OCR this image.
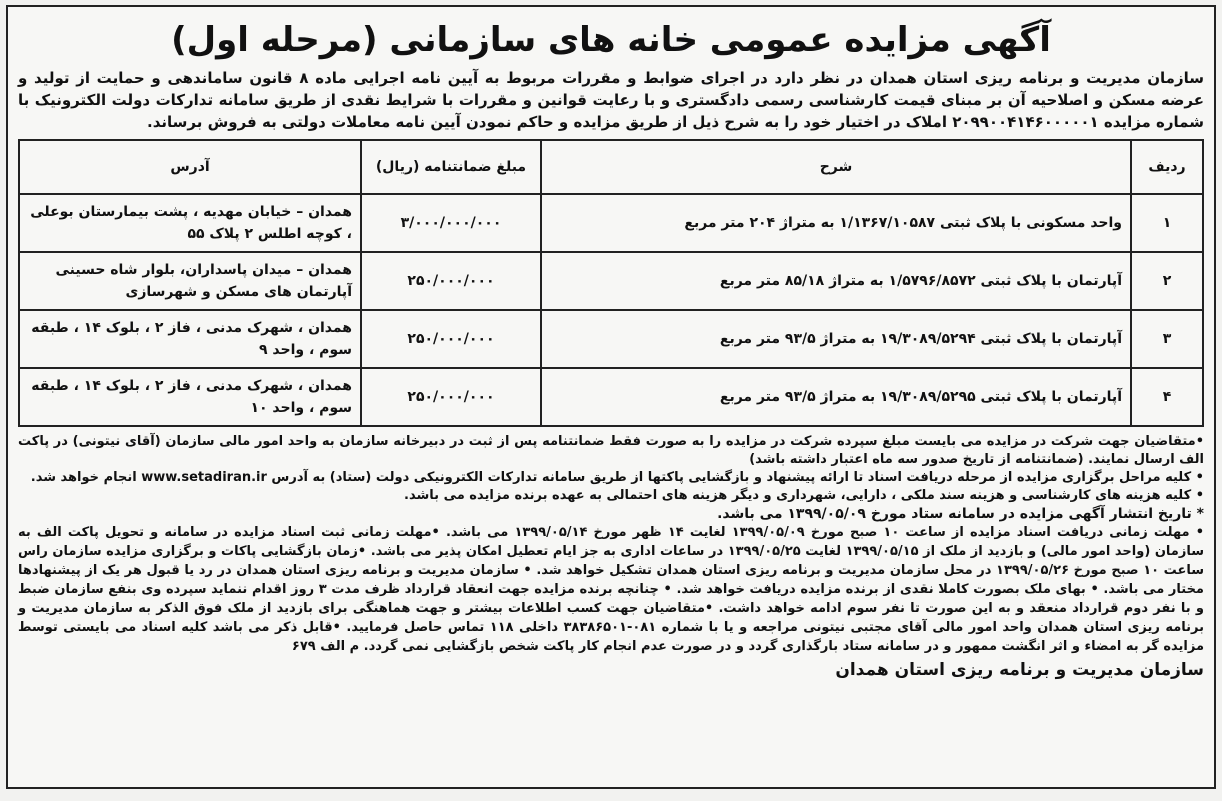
آگهی مزایده عمومی خانه های سازمانی (مرحله اول)

سازمان مدیریت و برنامه ریزی استان همدان در نظر دارد در اجرای ضوابط و مقررات مربوط به آیین نامه اجرایی ماده ۸ قانون ساماندهی و حمایت از تولید و عرضه مسکن و اصلاحیه آن بر مبنای قیمت کارشناسی رسمی دادگستری و با رعایت قوانین و مقررات با شرایط نقدی از طریق سامانه تدارکات دولت الکترونیک با شماره مزایده ۲۰۹۹۰۰۴۱۴۶۰۰۰۰۰۱ املاک در اختیار خود را به شرح ذیل از طریق مزایده و حاکم نمودن آیین نامه معاملات دولتی به فروش برساند.

ردیف	شرح	مبلغ ضمانتنامه (ریال)	آدرس
۱	واحد مسکونی با پلاک ثبتی ۱/۱۳۶۷/۱۰۵۸۷ به متراژ ۲۰۴ متر مربع	۳/۰۰۰/۰۰۰/۰۰۰	همدان – خیابان مهدیه ، پشت بیمارستان بوعلی ، کوچه اطلس ۲ پلاک ۵۵
۲	آپارتمان با پلاک ثبتی ۱/۵۷۹۶/۸۵۷۲ به متراژ ۸۵/۱۸ متر مربع	۲۵۰/۰۰۰/۰۰۰	همدان – میدان پاسداران، بلوار شاه حسینی آپارتمان های مسکن و شهرسازی
۳	آپارتمان با پلاک ثبتی ۱۹/۳۰۸۹/۵۲۹۴ به متراژ ۹۳/۵ متر مربع	۲۵۰/۰۰۰/۰۰۰	همدان ، شهرک مدنی ، فاز ۲ ، بلوک ۱۴ ، طبقه سوم ، واحد ۹
۴	آپارتمان با پلاک ثبتی ۱۹/۳۰۸۹/۵۲۹۵ به متراژ ۹۳/۵ متر مربع	۲۵۰/۰۰۰/۰۰۰	همدان ، شهرک مدنی ، فاز ۲ ، بلوک ۱۴ ، طبقه سوم ، واحد ۱۰

•متقاضیان جهت شرکت در مزایده می بایست مبلغ سپرده شرکت در مزایده را به صورت فقط ضمانتنامه پس از ثبت در دبیرخانه سازمان به واحد امور مالی سازمان (آقای نیتونی) در پاکت الف ارسال نمایند. (ضمانتنامه از تاریخ صدور سه ماه اعتبار داشته باشد)

• کلیه مراحل برگزاری مزایده از مرحله دریافت اسناد تا ارائه پیشنهاد و بازگشایی پاکتها از طریق سامانه تدارکات الکترونیکی دولت (ستاد) به آدرس www.setadiran.ir انجام خواهد شد.

• کلیه هزینه های کارشناسی و هزینه سند ملکی ، دارایی، شهرداری و دیگر هزینه های احتمالی به عهده برنده مزایده می باشد.

* تاریخ انتشار آگهی مزایده در سامانه ستاد مورخ ۱۳۹۹/۰۵/۰۹ می باشد.

• مهلت زمانی دریافت اسناد مزایده از ساعت ۱۰ صبح مورخ ۱۳۹۹/۰۵/۰۹ لغایت ۱۴ ظهر مورخ ۱۳۹۹/۰۵/۱۴ می باشد. •مهلت زمانی ثبت اسناد مزایده در سامانه و تحویل پاکت الف به سازمان (واحد امور مالی) و بازدید از ملک از ۱۳۹۹/۰۵/۱۵ لغایت ۱۳۹۹/۰۵/۲۵ در ساعات اداری به جز ایام تعطیل امکان پذیر می باشد. •زمان بازگشایی پاکات و برگزاری مزایده سازمان راس ساعت ۱۰ صبح مورخ ۱۳۹۹/۰۵/۲۶ در محل سازمان مدیریت و برنامه ریزی استان همدان تشکیل خواهد شد. • سازمان مدیریت و برنامه ریزی استان همدان در رد یا قبول هر یک از پیشنهادها مختار می باشد. • بهای ملک بصورت کاملا نقدی از برنده مزایده دریافت خواهد شد. • چنانچه برنده مزایده جهت انعقاد قرارداد ظرف مدت ۳ روز اقدام ننماید سپرده وی بنفع سازمان ضبط و با نفر دوم قرارداد منعقد و به این صورت تا نفر سوم ادامه خواهد داشت. •متقاضیان جهت کسب اطلاعات بیشتر و جهت هماهنگی برای بازدید از ملک فوق الذکر به سازمان مدیریت و برنامه ریزی استان همدان واحد امور مالی آقای مجتبی نیتونی مراجعه و یا با شماره ۰۸۱-۳۸۳۸۶۵۰۱ داخلی ۱۱۸ تماس حاصل فرمایید. •قابل ذکر می باشد کلیه اسناد می بایستی توسط مزایده گر به امضاء و اثر انگشت ممهور و در سامانه ستاد بارگذاری گردد و در صورت عدم انجام کار پاکت شخص بازگشایی نمی گردد. م الف ۶۷۹

سازمان مدیریت و برنامه ریزی استان همدان
